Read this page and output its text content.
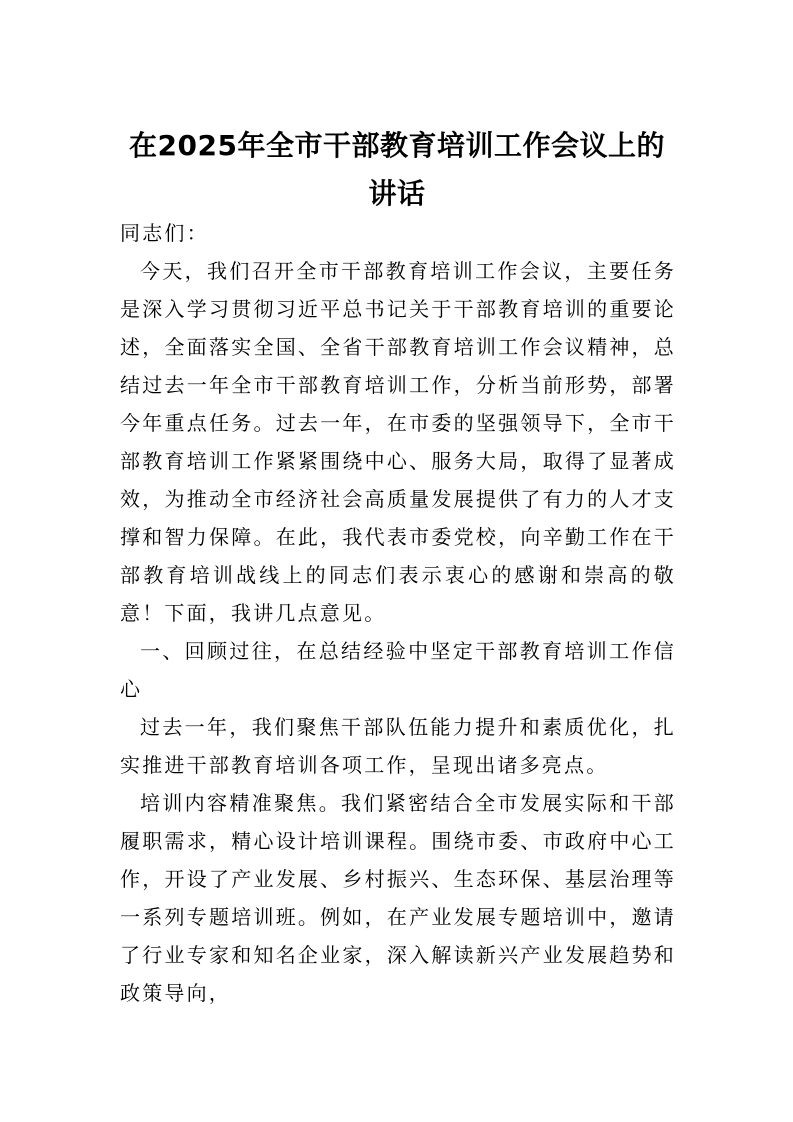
在2025年全市干部教育培训工作会议上的
讲话

同志们：

今天，我们召开全市干部教育培训工作会议，主要任务是深入学习贯彻习近平总书记关于干部教育培训的重要论述，全面落实全国、全省干部教育培训工作会议精神，总结过去一年全市干部教育培训工作，分析当前形势，部署今年重点任务。过去一年，在市委的坚强领导下，全市干部教育培训工作紧紧围绕中心、服务大局，取得了显著成效，为推动全市经济社会高质量发展提供了有力的人才支撑和智力保障。在此，我代表市委党校，向辛勤工作在干部教育培训战线上的同志们表示衷心的感谢和崇高的敬意！下面，我讲几点意见。

一、回顾过往，在总结经验中坚定干部教育培训工作信心

过去一年，我们聚焦干部队伍能力提升和素质优化，扎实推进干部教育培训各项工作，呈现出诸多亮点。

培训内容精准聚焦。我们紧密结合全市发展实际和干部履职需求，精心设计培训课程。围绕市委、市政府中心工作，开设了产业发展、乡村振兴、生态环保、基层治理等一系列专题培训班。例如，在产业发展专题培训中，邀请了行业专家和知名企业家，深入解读新兴产业发展趋势和政策导向，
